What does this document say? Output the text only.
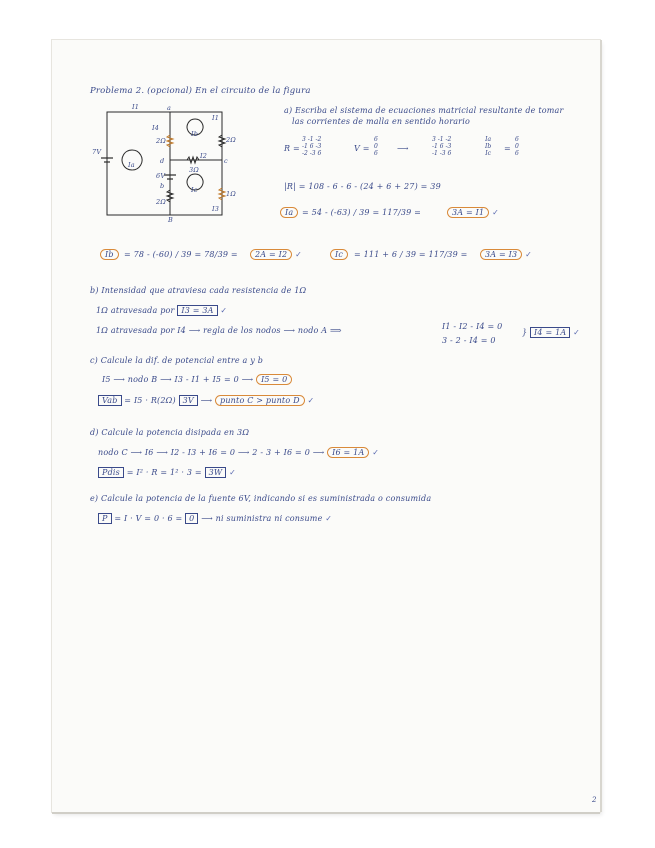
7V
I1	a
I1
I4
2Ω
2Ω
Ib
Ia	d
3Ω
c
I2
6V
Ic
b
1Ω
2Ω
I3
B
Problema 2. (opcional) En el circuito de la figura
a) Escriba el sistema de ecuaciones matricial resultante de tomar
las corrientes de malla en sentido horario
R =
3 -1 -2
-1 6 -3
-2 -3 6
V =
6
0
6
⟶
3 -1 -2
-1 6 -3
-1 -3 6
Ia
Ib
Ic
=
6
0
6
|R| = 108 - 6 - 6 - (24 + 6 + 27) = 39
Ia	= 54 - (-63) / 39 = 117/39 =	3A = I1 ✓
Ib	= 78 - (-60) / 39 = 78/39 =	2A = I2 ✓	Ic	= 111 + 6 / 39 = 117/39 =	3A = I3 ✓
b) Intensidad que atraviesa cada resistencia de 1Ω
1Ω atravesada por I3 = 3A ✓
1Ω atravesada por I4 ⟶ regla de los nodos ⟶ nodo A ⟹	I1 - I2 - I4 = 0
3 - 2 - I4 = 0
} I4 = 1A ✓
c) Calcule la dif. de potencial entre a y b
I5 ⟶ nodo B ⟶ I3 - I1 + I5 = 0 ⟶ I5 = 0
Vab = I5 · R(2Ω) 3V ⟶ punto C > punto D ✓
d) Calcule la potencia disipada en 3Ω
nodo C ⟶ I6 ⟶ I2 - I3 + I6 = 0 ⟶ 2 - 3 + I6 = 0 ⟶ I6 = 1A ✓
Pdis = I² · R = 1² · 3 = 3W ✓
e) Calcule la potencia de la fuente 6V, indicando si es suministrada o consumida
P = I · V = 0 · 6 = 0 ⟶ ni suministra ni consume ✓
2
